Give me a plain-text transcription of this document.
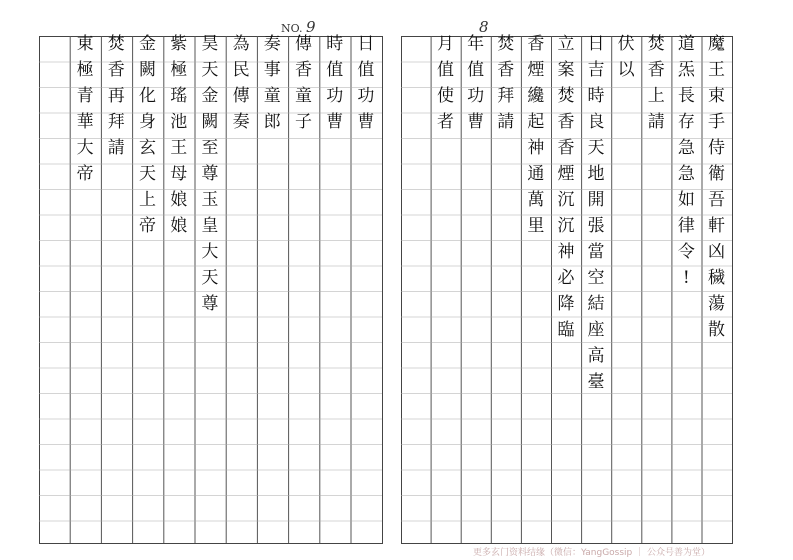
NO. 9	8
日
值
功
曹
時
值
功
曹
傳
香
童
子
奏
事
童
郎
為
民
傳
奏
昊
天
金
闕
至
尊
玉
皇
大
天
尊
紫
極
瑤
池
王
母
娘
娘
金
闕
化
身
玄
天
上
帝
焚
香
再
拜
請
東
極
青
華
大
帝
魔
王
束
手
侍
衛
吾
軒
凶
穢
蕩
散
道
炁
長
存
急
急
如
律
令
!
焚
香
上
請
伏
以
日
吉
時
良
天
地
開
張
當
空
結
座
高
臺
立
案
焚
香
香
煙
沉
沉
神
必
降
臨
香
煙
纔
起
神
通
萬
里
焚
香
拜
請
年
值
功
曹
月
值
使
者
更多玄门资料结缘（微信：YangGossip ｜ 公众号善为堂）
